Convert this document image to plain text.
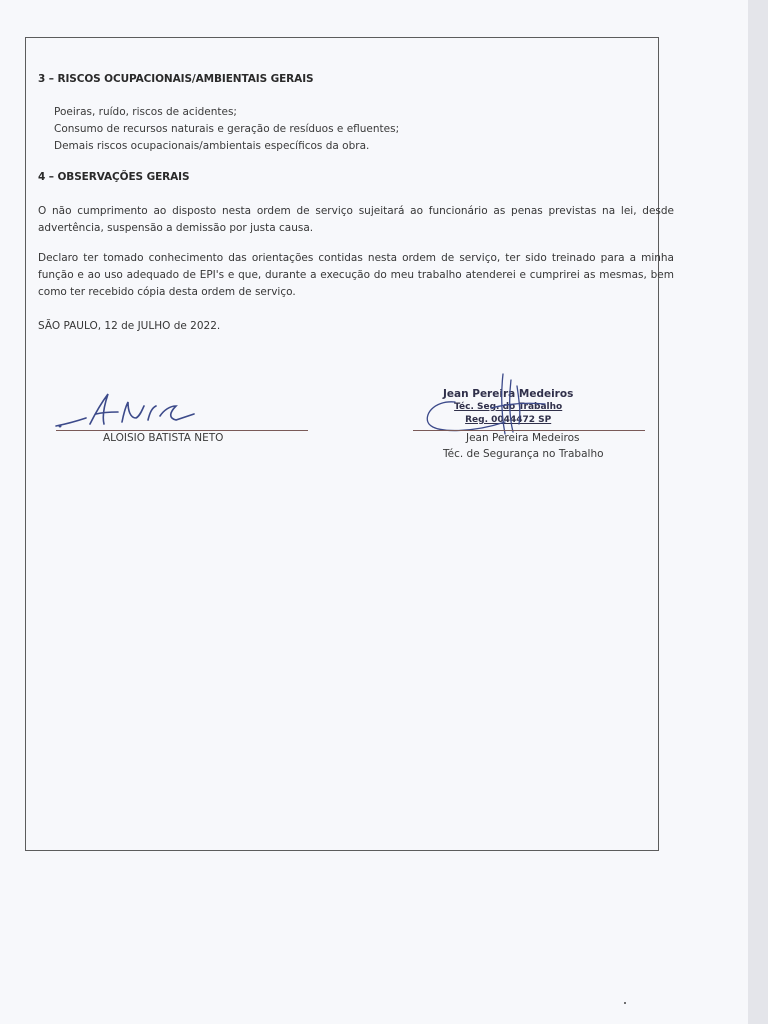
3 – RISCOS OCUPACIONAIS/AMBIENTAIS GERAIS
Poeiras, ruído, riscos de acidentes;
Consumo de recursos naturais e geração de resíduos e efluentes;
Demais riscos ocupacionais/ambientais específicos da obra.
4 – OBSERVAÇÕES GERAIS

O não cumprimento ao disposto nesta ordem de serviço sujeitará ao funcionário as penas previstas na lei, desde advertência, suspensão a demissão por justa causa.

Declaro ter tomado conhecimento das orientações contidas nesta ordem de serviço, ter sido treinado para a minha função e ao uso adequado de EPI's e que, durante a execução do meu trabalho atenderei e cumprirei as mesmas, bem como ter recebido cópia desta ordem de serviço.

SÃO PAULO, 12 de JULHO de 2022.
ALOISIO BATISTA NETO
Jean Pereira Medeiros
Téc. Seg. do Trabalho
Reg. 0044472 SP
Jean Pereira Medeiros
Téc. de Segurança no Trabalho
